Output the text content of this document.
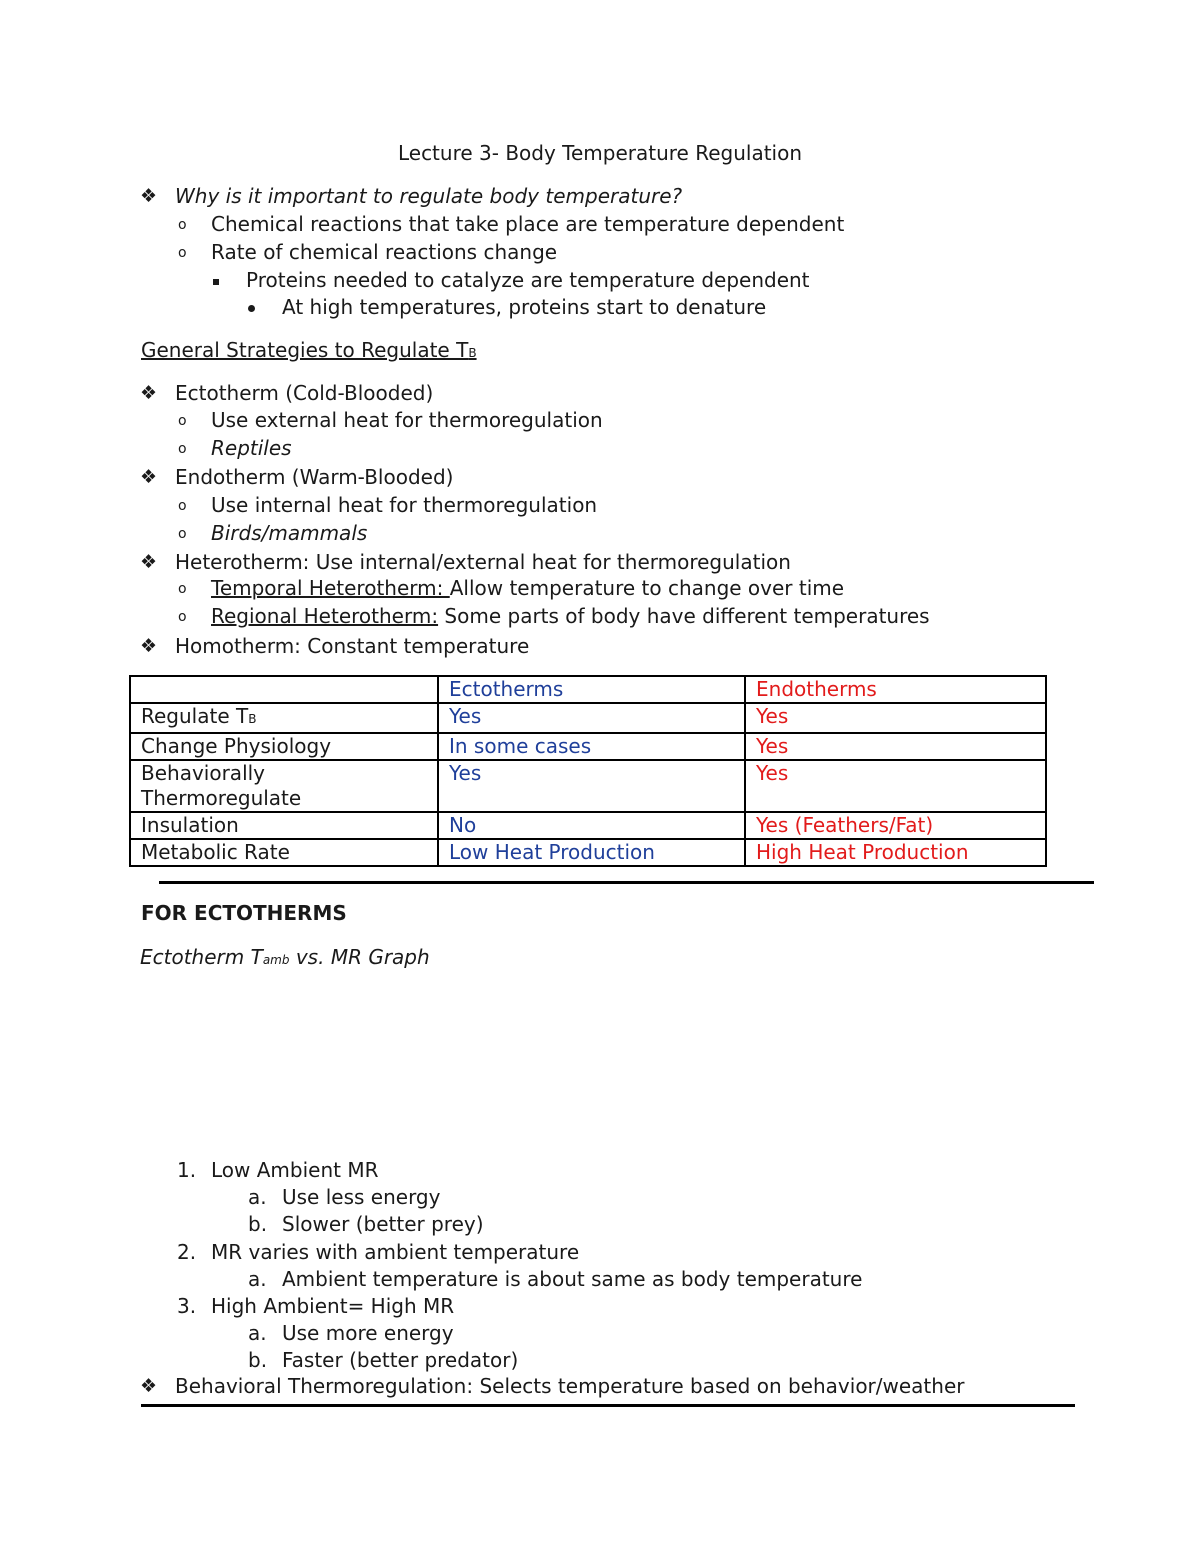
Lecture 3- Body Temperature Regulation
❖ Why is it important to regulate body temperature?
o Chemical reactions that take place are temperature dependent
o Rate of chemical reactions change
Proteins needed to catalyze are temperature dependent
At high temperatures, proteins start to denature
General Strategies to Regulate TB
❖ Ectotherm (Cold-Blooded)
o Use external heat for thermoregulation
o Reptiles
❖ Endotherm (Warm-Blooded)
o Use internal heat for thermoregulation
o Birds/mammals
❖ Heterotherm: Use internal/external heat for thermoregulation
o Temporal Heterotherm: Allow temperature to change over time
o Regional Heterotherm: Some parts of body have different temperatures
❖ Homotherm: Constant temperature
	Ectotherms	Endotherms
Regulate TB	Yes	Yes
Change Physiology	In some cases	Yes
Behaviorally Thermoregulate	Yes	Yes
Insulation	No	Yes (Feathers/Fat)
Metabolic Rate	Low Heat Production	High Heat Production
FOR ECTOTHERMS
Ectotherm Tamb vs. MR Graph
1. Low Ambient MR
a. Use less energy
b. Slower (better prey)
2. MR varies with ambient temperature
a. Ambient temperature is about same as body temperature
3. High Ambient= High MR
a. Use more energy
b. Faster (better predator)
❖ Behavioral Thermoregulation: Selects temperature based on behavior/weather
